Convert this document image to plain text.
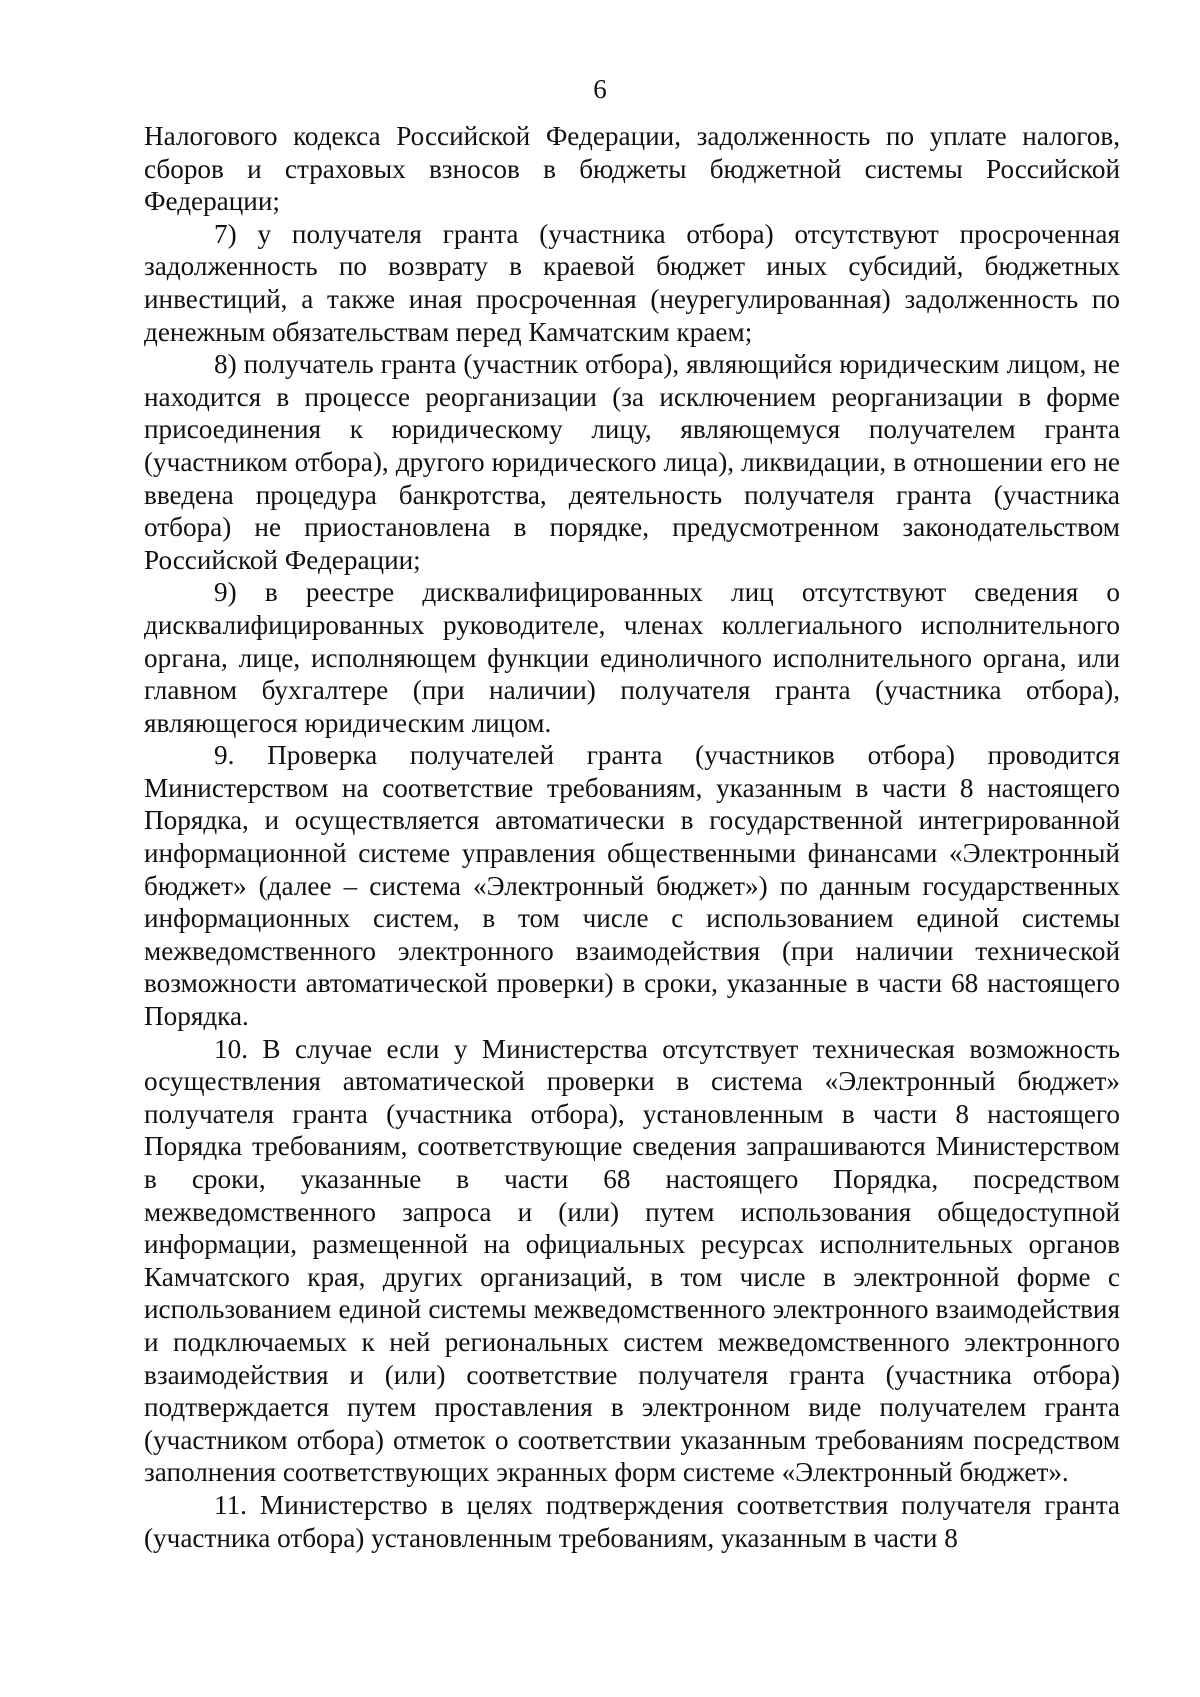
6

Налогового кодекса Российской Федерации, задолженность по уплате налогов, сборов и страховых взносов в бюджеты бюджетной системы Российской Федерации;

7) у получателя гранта (участника отбора) отсутствуют просроченная задолженность по возврату в краевой бюджет иных субсидий, бюджетных инвестиций, а также иная просроченная (неурегулированная) задолженность по денежным обязательствам перед Камчатским краем;

8) получатель гранта (участник отбора), являющийся юридическим лицом, не находится в процессе реорганизации (за исключением реорганизации в форме присоединения к юридическому лицу, являющемуся получателем гранта (участником отбора), другого юридического лица), ликвидации, в отношении его не введена процедура банкротства, деятельность получателя гранта (участника отбора) не приостановлена в порядке, предусмотренном законодательством Российской Федерации;

9) в реестре дисквалифицированных лиц отсутствуют сведения о дисквалифицированных руководителе, членах коллегиального исполнительного органа, лице, исполняющем функции единоличного исполнительного органа, или главном бухгалтере (при наличии) получателя гранта (участника отбора), являющегося юридическим лицом.

9. Проверка получателей гранта (участников отбора) проводится Министерством на соответствие требованиям, указанным в части 8 настоящего Порядка, и осуществляется автоматически в государственной интегрированной информационной системе управления общественными финансами «Электронный бюджет» (далее – система «Электронный бюджет») по данным государственных информационных систем, в том числе с использованием единой системы межведомственного электронного взаимодействия (при наличии технической возможности автоматической проверки) в сроки, указанные в части 68 настоящего Порядка.

10. В случае если у Министерства отсутствует техническая возможность осуществления автоматической проверки в система «Электронный бюджет» получателя гранта (участника отбора), установленным в части 8 настоящего Порядка требованиям, соответствующие сведения запрашиваются Министерством в сроки, указанные в части 68 настоящего Порядка, посредством межведомственного запроса и (или) путем использования общедоступной информации, размещенной на официальных ресурсах исполнительных органов Камчатского края, других организаций, в том числе в электронной форме с использованием единой системы межведомственного электронного взаимодействия и подключаемых к ней региональных систем межведомственного электронного взаимодействия и (или) соответствие получателя гранта (участника отбора) подтверждается путем проставления в электронном виде получателем гранта (участником отбора) отметок о соответствии указанным требованиям посредством заполнения соответствующих экранных форм системе «Электронный бюджет».

11. Министерство в целях подтверждения соответствия получателя гранта (участника отбора) установленным требованиям, указанным в части 8
